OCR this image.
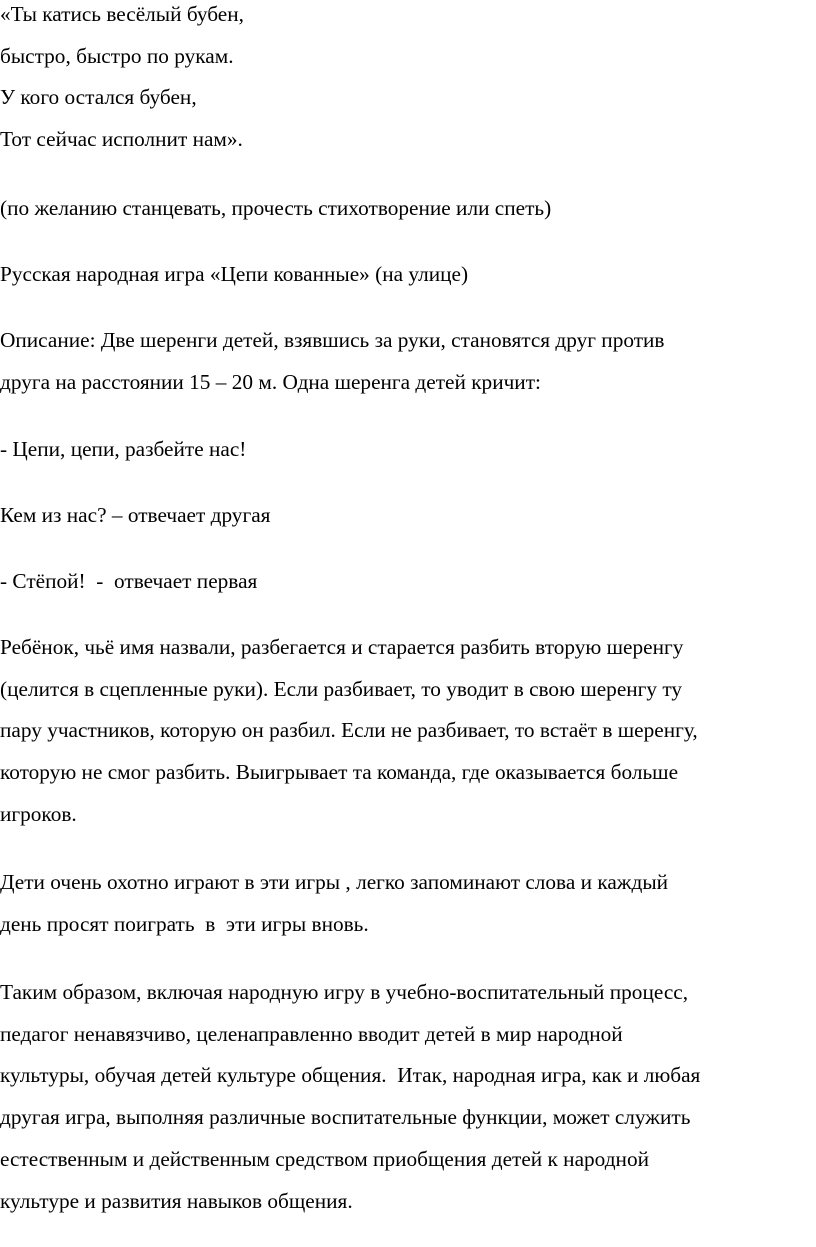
«Ты катись весёлый бубен,
быстро, быстро по рукам.
У кого остался бубен,
Тот сейчас исполнит нам».
(по желанию станцевать, прочесть стихотворение или спеть)
Русская народная игра «Цепи кованные» (на улице)
Описание: Две шеренги детей, взявшись за руки, становятся друг против
друга на расстоянии 15 – 20 м. Одна шеренга детей кричит:
- Цепи, цепи, разбейте нас!
Кем из нас? – отвечает другая
- Стёпой!  -  отвечает первая
Ребёнок, чьё имя назвали, разбегается и старается разбить вторую шеренгу
(целится в сцепленные руки). Если разбивает, то уводит в свою шеренгу ту
пару участников, которую он разбил. Если не разбивает, то встаёт в шеренгу,
которую не смог разбить. Выигрывает та команда, где оказывается больше
игроков.
Дети очень охотно играют в эти игры , легко запоминают слова и каждый
день просят поиграть  в  эти игры вновь.
Таким образом, включая народную игру в учебно-воспитательный процесс,
педагог ненавязчиво, целенаправленно вводит детей в мир народной
культуры, обучая детей культуре общения.  Итак, народная игра, как и любая
другая игра, выполняя различные воспитательные функции, может служить
естественным и действенным средством приобщения детей к народной
культуре и развития навыков общения.
